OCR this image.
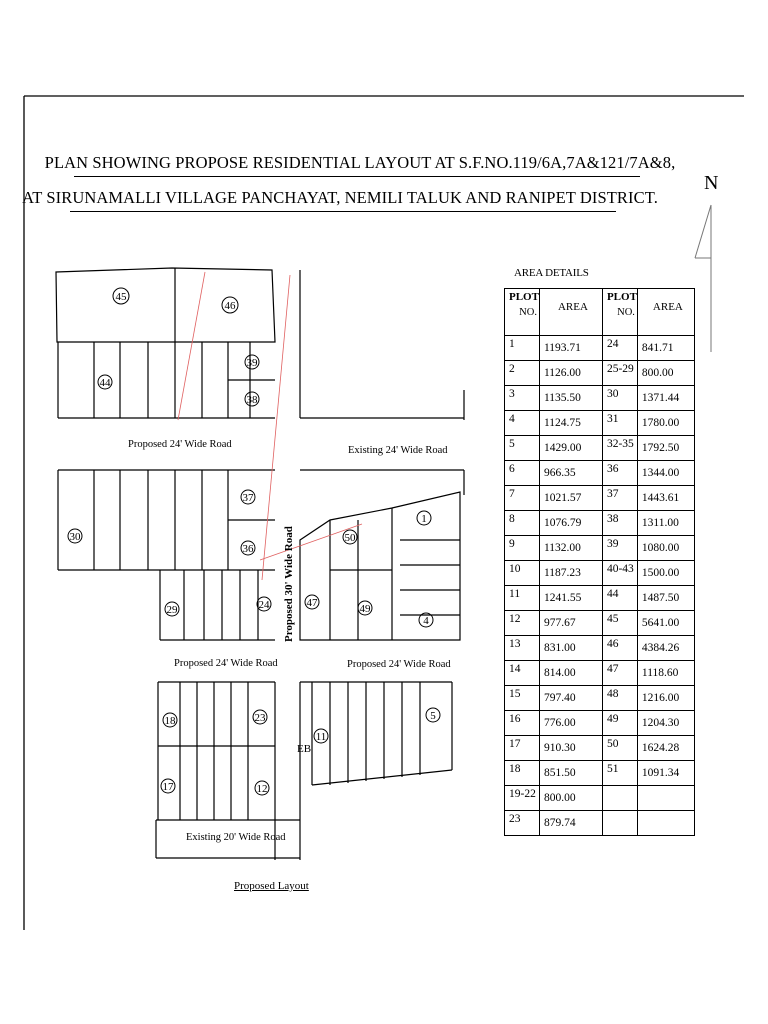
45
46
44
39
38
37
36
30
29	24	47
50
1
49
4
18	23
17	12
11
5
EB
Proposed 24' Wide Road
Existing 24' Wide Road
Proposed 24' Wide Road	Proposed 24' Wide Road
Existing 20' Wide Road
Proposed 30' Wide Road
PLAN SHOWING PROPOSE RESIDENTIAL LAYOUT AT S.F.NO.119/6A,7A&121/7A&8,
AT SIRUNAMALLI VILLAGE PANCHAYAT, NEMILI TALUK AND RANIPET DISTRICT.
N
AREA DETAILS
PLOT
NO.	AREA	PLOT
NO.	AREA

1	1193.71	24	841.71
2	1126.00	25-29	800.00
3	1135.50	30	1371.44
4	1124.75	31	1780.00
5	1429.00	32-35	1792.50
6	966.35	36	1344.00
7	1021.57	37	1443.61
8	1076.79	38	1311.00
9	1132.00	39	1080.00
10	1187.23	40-43	1500.00
11	1241.55	44	1487.50
12	977.67	45	5641.00
13	831.00	46	4384.26
14	814.00	47	1118.60
15	797.40	48	1216.00
16	776.00	49	1204.30
17	910.30	50	1624.28
18	851.50	51	1091.34
19-22	800.00		
23	879.74		
Proposed Layout
